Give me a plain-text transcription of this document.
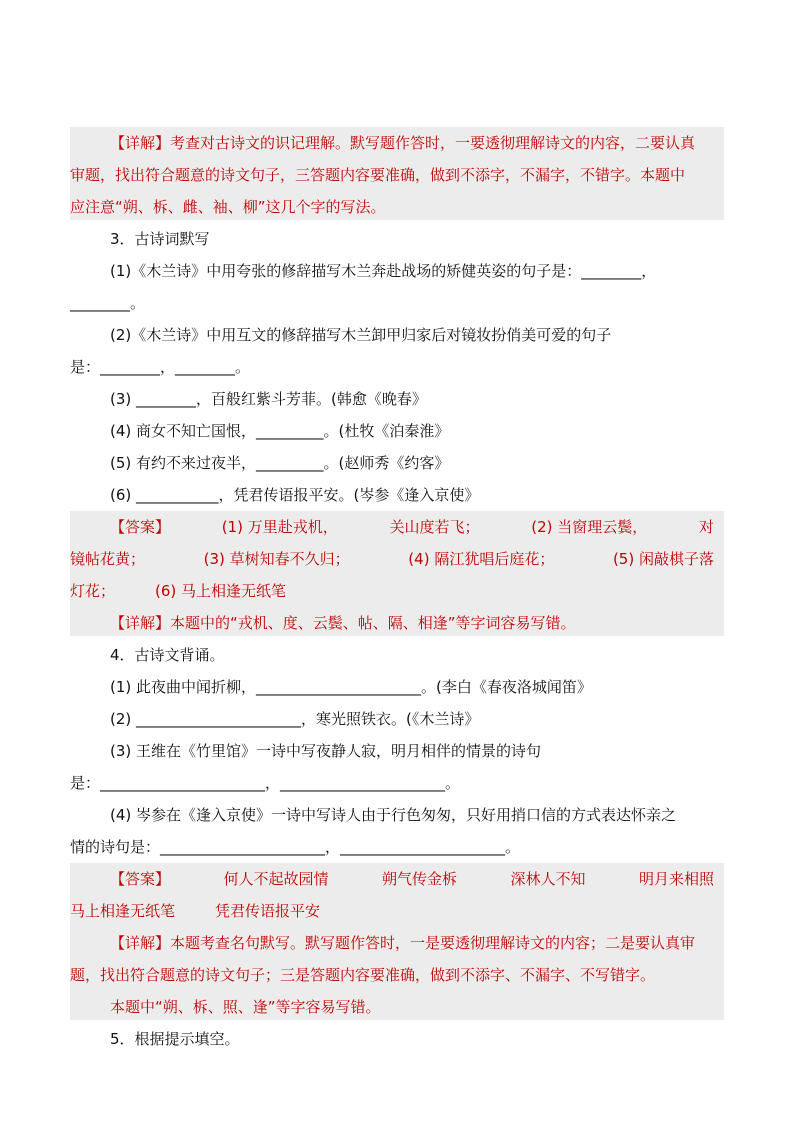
【详解】考查对古诗文的识记理解。默写题作答时，一要透彻理解诗文的内容，二要认真
审题，找出符合题意的诗文句子，三答题内容要准确，做到不添字，不漏字，不错字。本题中
应注意“朔、柝、雌、袖、柳”这几个字的写法。
3．古诗词默写
(1)《木兰诗》中用夸张的修辞描写木兰奔赴战场的矫健英姿的句子是：________，
________。
(2)《木兰诗》中用互文的修辞描写木兰卸甲归家后对镜妆扮俏美可爱的句子
是：________，________。
(3) ________，百般红紫斗芳菲。(韩愈《晚春》
(4) 商女不知亡国恨，_________。(杜牧《泊秦淮》
(5) 有约不来过夜半，_________。(赵师秀《约客》
(6) ___________，凭君传语报平安。(岑参《逢入京使》
【答案】	(1) 万里赴戎机，	关山度若飞；	(2) 当窗理云鬓，	对
镜帖花黄；	(3) 草树知春不久归；	(4) 隔江犹唱后庭花；	(5) 闲敲棋子落
灯花；	(6) 马上相逢无纸笔
【详解】本题中的“戎机、度、云鬓、帖、隔、相逢”等字词容易写错。
4．古诗文背诵。
(1) 此夜曲中闻折柳，______________________。(李白《春夜洛城闻笛》
(2) ______________________，寒光照铁衣。(《木兰诗》
(3) 王维在《竹里馆》一诗中写夜静人寂，明月相伴的情景的诗句
是：______________________，______________________。
(4) 岑参在《逢入京使》一诗中写诗人由于行色匆匆，只好用捎口信的方式表达怀亲之
情的诗句是：______________________，______________________。
【答案】	何人不起故园情	朔气传金柝	深林人不知	明月来相照
马上相逢无纸笔	凭君传语报平安
【详解】本题考查名句默写。默写题作答时，一是要透彻理解诗文的内容；二是要认真审
题，找出符合题意的诗文句子；三是答题内容要准确，做到不添字、不漏字、不写错字。
本题中“朔、柝、照、逢”等字容易写错。
5．根据提示填空。
